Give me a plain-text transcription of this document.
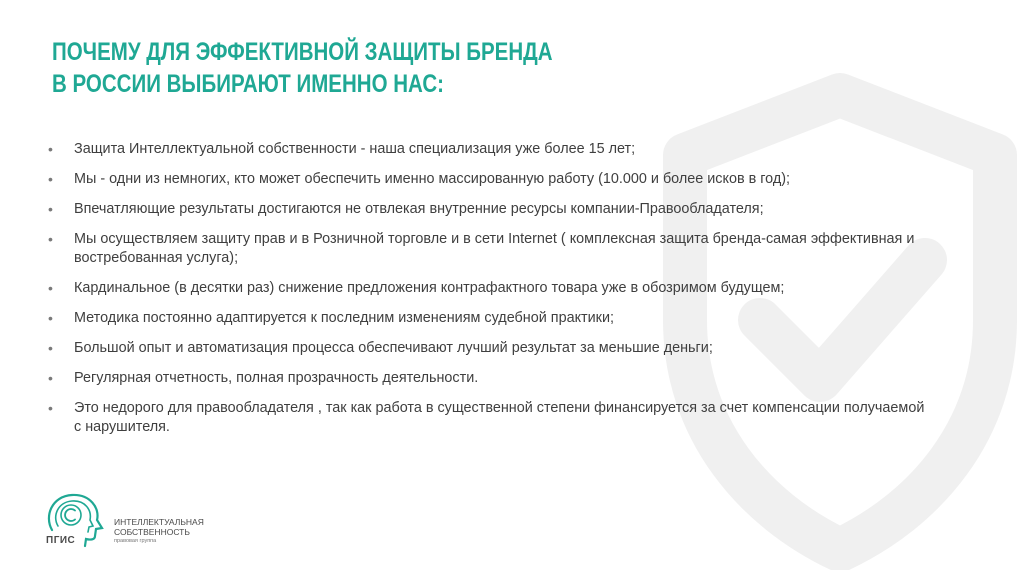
ПОЧЕМУ ДЛЯ ЭФФЕКТИВНОЙ ЗАЩИТЫ БРЕНДА
В РОССИИ ВЫБИРАЮТ ИМЕННО НАС:
• Защита Интеллектуальной собственности - наша специализация уже более 15 лет;
• Мы - одни из немногих, кто может обеспечить именно массированную работу (10.000 и более исков в год);
• Впечатляющие результаты достигаются не отвлекая внутренние ресурсы компании-Правообладателя;
• Мы осуществляем защиту прав и в Розничной торговле и в сети Internet ( комплексная защита бренда-самая эффективная и востребованная услуга);
• Кардинальное (в десятки раз) снижение предложения контрафактного товара уже в обозримом будущем;
• Методика постоянно адаптируется к последним изменениям судебной практики;
• Большой опыт и автоматизация процесса обеспечивают лучший результат за меньшие деньги;
• Регулярная отчетность, полная прозрачность деятельности.
• Это недорого для правообладателя , так как работа в существенной степени финансируется за счет компенсации получаемой с нарушителя.
ПГИС
ИНТЕЛЛЕКТУАЛЬНАЯ
СОБСТВЕННОСТЬ
правовая группа
